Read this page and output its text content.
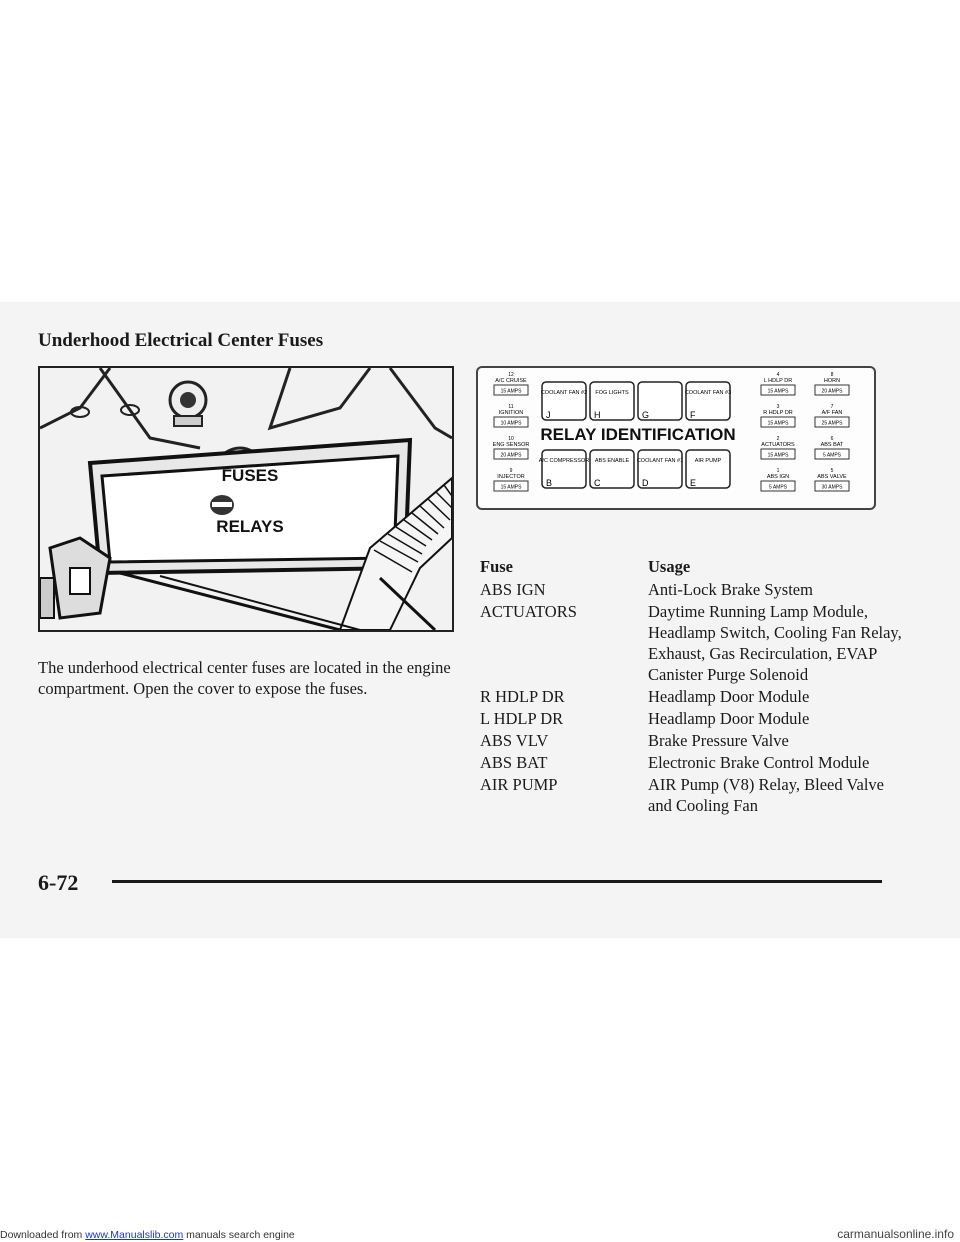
Underhood Electrical Center Fuses
FUSES
RELAYS

The underhood electrical center fuses are located in the engine compartment. Open the cover to expose the fuses.

12
A/C CRUISE
15 AMPS
11
IGNITION
10 AMPS
10
ENG SENSOR
20 AMPS
9
INJECTOR
15 AMPS
COOLANT FAN #2
J
FOG LIGHTS
H	G
COOLANT FAN #3
F
RELAY IDENTIFICATION
A/C COMPRESSOR
B
ABS ENABLE
C
COOLANT FAN #1
D
AIR PUMP
E
4
L HDLP DR
15 AMPS
8
HORN
20 AMPS
3
R HDLP DR
15 AMPS
7
A/F FAN
25 AMPS
2
ACTUATORS
15 AMPS
6
ABS BAT
5 AMPS
1
ABS IGN
5 AMPS
5
ABS VALVE
30 AMPS
Fuse	Usage
ABS IGN	Anti-Lock Brake System
ACTUATORS	Daytime Running Lamp Module, Headlamp Switch, Cooling Fan Relay, Exhaust, Gas Recirculation, EVAP Canister Purge Solenoid
R HDLP DR	Headlamp Door Module
L HDLP DR	Headlamp Door Module
ABS VLV	Brake Pressure Valve
ABS BAT	Electronic Brake Control Module
AIR PUMP	AIR Pump (V8) Relay, Bleed Valve and Cooling Fan
6-72
Downloaded from www.Manualslib.com manuals search engine	carmanualsonline.info
